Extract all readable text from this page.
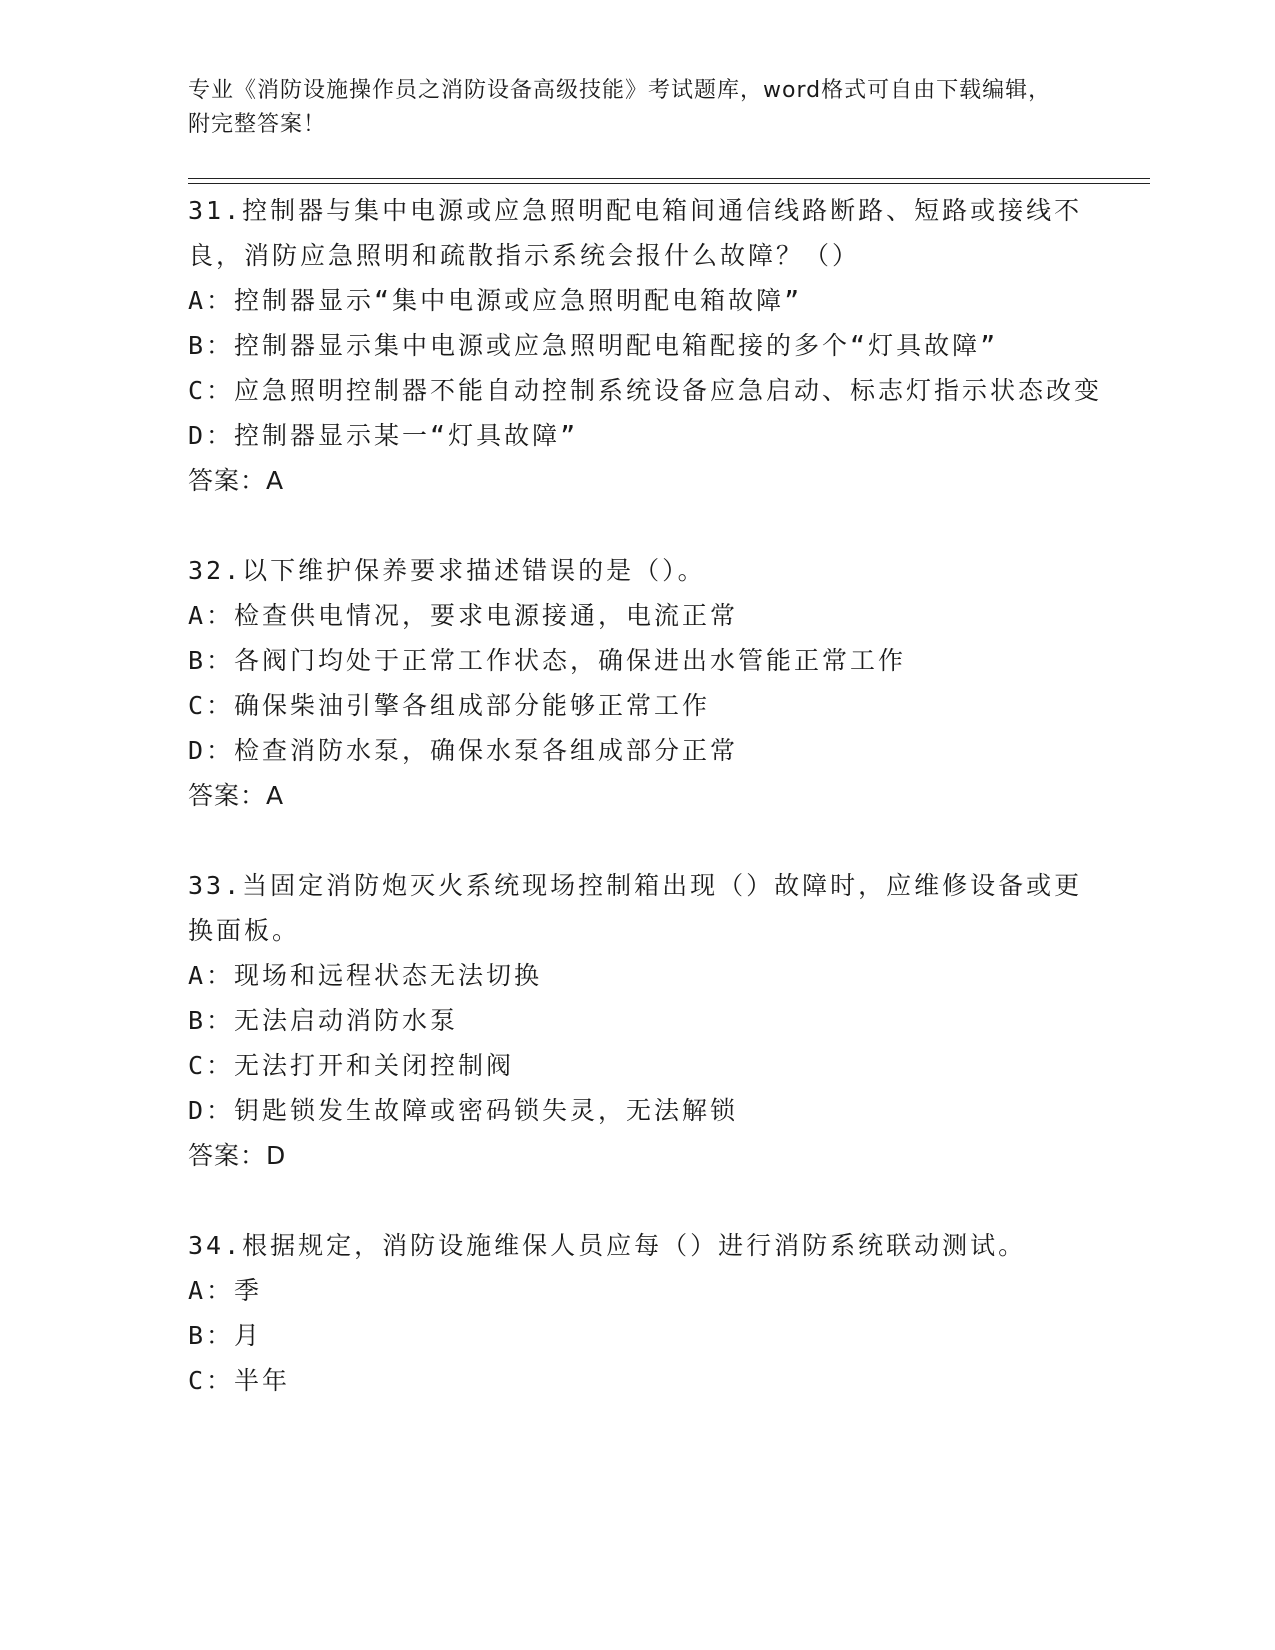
专业《消防设施操作员之消防设备高级技能》考试题库，word格式可自由下载编辑，附完整答案！
31.控制器与集中电源或应急照明配电箱间通信线路断路、短路或接线不良，消防应急照明和疏散指示系统会报什么故障？（）
A：控制器显示“集中电源或应急照明配电箱故障”
B：控制器显示集中电源或应急照明配电箱配接的多个“灯具故障”
C：应急照明控制器不能自动控制系统设备应急启动、标志灯指示状态改变
D：控制器显示某一“灯具故障”
答案：A
32.以下维护保养要求描述错误的是（）。
A：检查供电情况，要求电源接通，电流正常
B：各阀门均处于正常工作状态，确保进出水管能正常工作
C：确保柴油引擎各组成部分能够正常工作
D：检查消防水泵，确保水泵各组成部分正常
答案：A
33.当固定消防炮灭火系统现场控制箱出现（）故障时，应维修设备或更换面板。
A：现场和远程状态无法切换
B：无法启动消防水泵
C：无法打开和关闭控制阀
D：钥匙锁发生故障或密码锁失灵，无法解锁
答案：D
34.根据规定，消防设施维保人员应每（）进行消防系统联动测试。
A：季
B：月
C：半年
